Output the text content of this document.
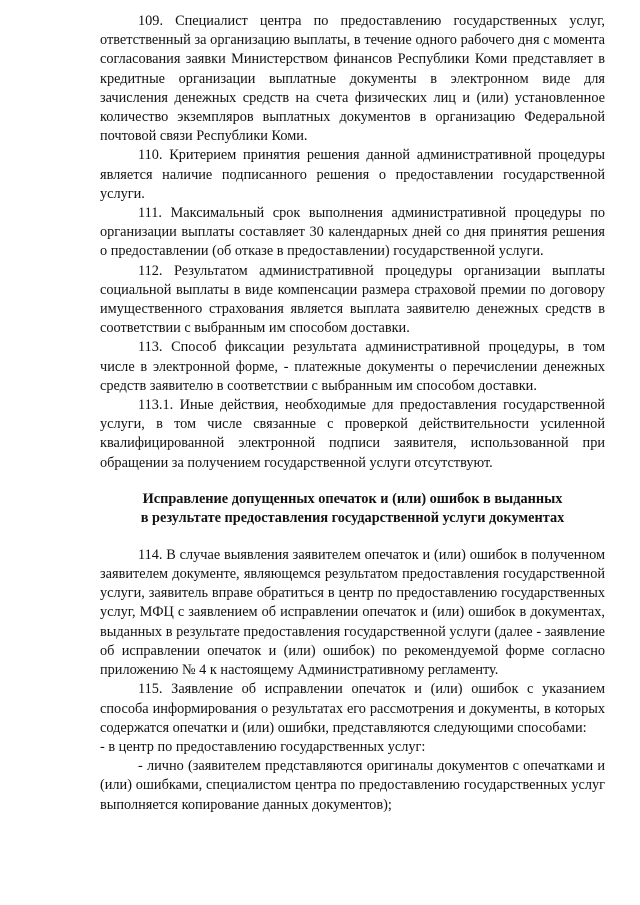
109. Специалист центра по предоставлению государственных услуг, ответственный за организацию выплаты, в течение одного рабочего дня с момента согласования заявки Министерством финансов Республики Коми представляет в кредитные организации выплатные документы в электронном виде для зачисления денежных средств на счета физических лиц и (или) установленное количество экземпляров выплатных документов в организацию Федеральной почтовой связи Республики Коми.

110. Критерием принятия решения данной административной процедуры является наличие подписанного решения о предоставлении государственной услуги.

111. Максимальный срок выполнения административной процедуры по организации выплаты составляет 30 календарных дней со дня принятия решения о предоставлении (об отказе в предоставлении) государственной услуги.

112. Результатом административной процедуры организации выплаты социальной выплаты в виде компенсации размера страховой премии по договору имущественного страхования является выплата заявителю денежных средств в соответствии с выбранным им способом доставки.

113. Способ фиксации результата административной процедуры, в том числе в электронной форме, - платежные документы о перечислении денежных средств заявителю в соответствии с выбранным им способом доставки.

113.1. Иные действия, необходимые для предоставления государственной услуги, в том числе связанные с проверкой действительности усиленной квалифицированной электронной подписи заявителя, использованной при обращении за получением государственной услуги отсутствуют.

Исправление допущенных опечаток и (или) ошибок в выданных
в результате предоставления государственной услуги документах

114. В случае выявления заявителем опечаток и (или) ошибок в полученном заявителем документе, являющемся результатом предоставления государственной услуги, заявитель вправе обратиться в центр по предоставлению государственных услуг, МФЦ с заявлением об исправлении опечаток и (или) ошибок в документах, выданных в результате предоставления государственной услуги (далее - заявление об исправлении опечаток и (или) ошибок) по рекомендуемой форме согласно приложению № 4 к настоящему Административному регламенту.

115. Заявление об исправлении опечаток и (или) ошибок с указанием способа информирования о результатах его рассмотрения и документы, в которых содержатся опечатки и (или) ошибки, представляются следующими способами:

- в центр по предоставлению государственных услуг:

- лично (заявителем представляются оригиналы документов с опечатками и (или) ошибками, специалистом центра по предоставлению государственных услуг выполняется копирование данных документов);
